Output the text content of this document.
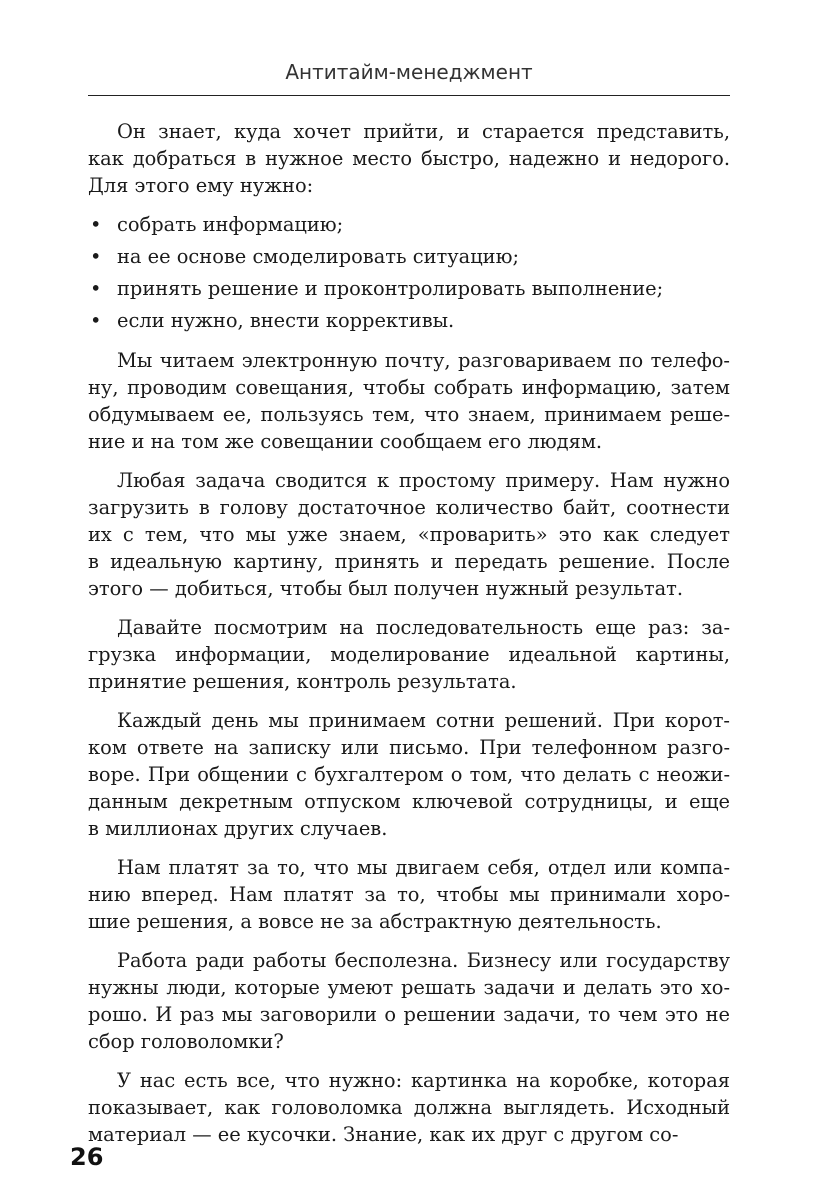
Антитайм-менеджмент
Он знает, куда хочет прийти, и старается представить,
как добраться в нужное место быстро, надежно и недорого.
Для этого ему нужно:
• собрать информацию;
• на ее основе смоделировать ситуацию;
• принять решение и проконтролировать выполнение;
• если нужно, внести коррективы.
Мы читаем электронную почту, разговариваем по телефо-
ну, проводим совещания, чтобы собрать информацию, затем
обдумываем ее, пользуясь тем, что знаем, принимаем реше-
ние и на том же совещании сообщаем его людям.
Любая задача сводится к простому примеру. Нам нужно
загрузить в голову достаточное количество байт, соотнести
их с тем, что мы уже знаем, «проварить» это как следует
в идеальную картину, принять и передать решение. После
этого — добиться, чтобы был получен нужный результат.
Давайте посмотрим на последовательность еще раз: за-
грузка информации, моделирование идеальной картины,
принятие решения, контроль результата.
Каждый день мы принимаем сотни решений. При корот-
ком ответе на записку или письмо. При телефонном разго-
воре. При общении с бухгалтером о том, что делать с неожи-
данным декретным отпуском ключевой сотрудницы, и еще
в миллионах других случаев.
Нам платят за то, что мы двигаем себя, отдел или компа-
нию вперед. Нам платят за то, чтобы мы принимали хоро-
шие решения, а вовсе не за абстрактную деятельность.
Работа ради работы бесполезна. Бизнесу или государству
нужны люди, которые умеют решать задачи и делать это хо-
рошо. И раз мы заговорили о решении задачи, то чем это не
сбор головоломки?
У нас есть все, что нужно: картинка на коробке, которая
показывает, как головоломка должна выглядеть. Исходный
материал — ее кусочки. Знание, как их друг с другом со-
26
